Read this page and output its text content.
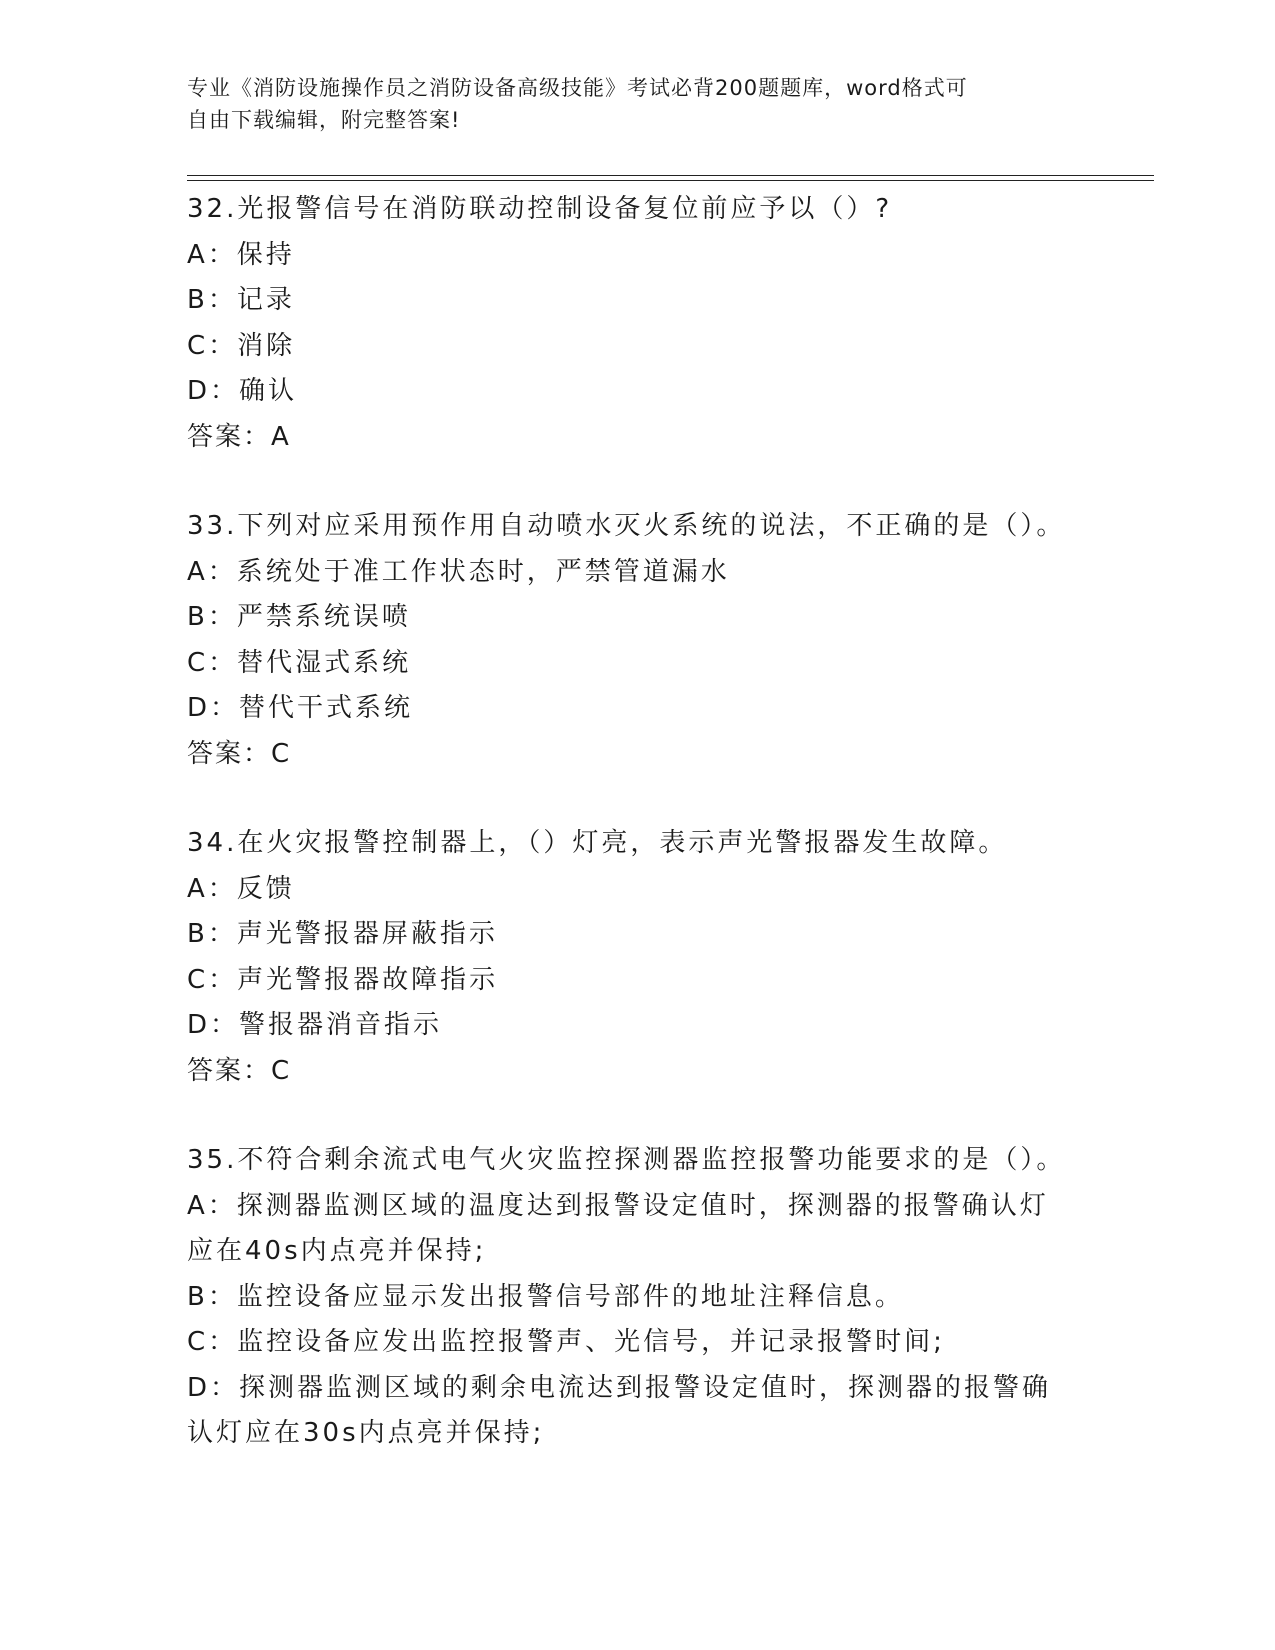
专业《消防设施操作员之消防设备高级技能》考试必背200题题库，word格式可
自由下载编辑，附完整答案!
32.光报警信号在消防联动控制设备复位前应予以（）?
A：保持
B：记录
C：消除
D：确认
答案：A
33.下列对应采用预作用自动喷水灭火系统的说法，不正确的是（）。
A：系统处于准工作状态时，严禁管道漏水
B：严禁系统误喷
C：替代湿式系统
D：替代干式系统
答案：C
34.在火灾报警控制器上，（）灯亮，表示声光警报器发生故障。
A：反馈
B：声光警报器屏蔽指示
C：声光警报器故障指示
D：警报器消音指示
答案：C
35.不符合剩余流式电气火灾监控探测器监控报警功能要求的是（）。
A：探测器监测区域的温度达到报警设定值时，探测器的报警确认灯应在40s内点亮并保持;
B：监控设备应显示发出报警信号部件的地址注释信息。
C：监控设备应发出监控报警声、光信号，并记录报警时间;
D：探测器监测区域的剩余电流达到报警设定值时，探测器的报警确认灯应在30s内点亮并保持;
